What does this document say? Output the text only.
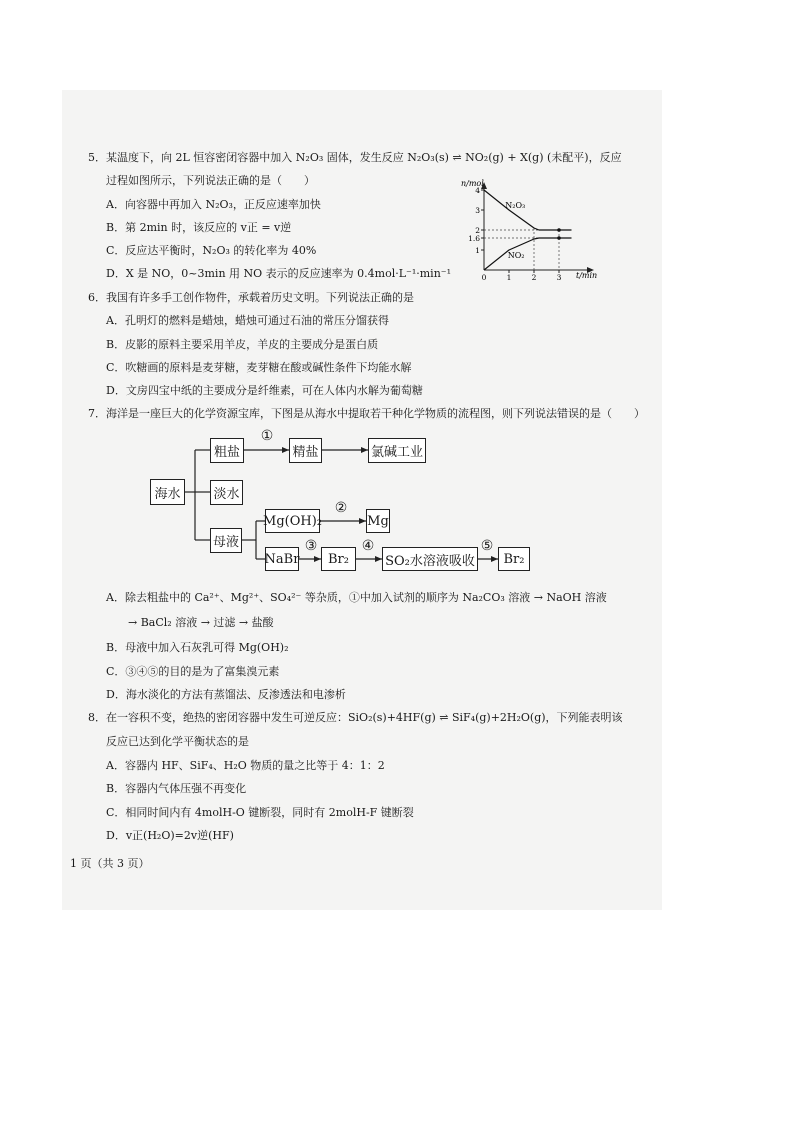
5．某温度下，向 2L 恒容密闭容器中加入 N₂O₃ 固体，发生反应 N₂O₃(s) ⇌ NO₂(g) + X(g) (未配平)，反应
过程如图所示，下列说法正确的是（　　）
A．向容器中再加入 N₂O₃，正反应速率加快
B．第 2min 时，该反应的 v正 = v逆
C．反应达平衡时，N₂O₃ 的转化率为 40%
D．X 是 NO，0~3min 用 NO 表示的反应速率为 0.4mol·L⁻¹·min⁻¹
n/mol
t/min
4
3
2
1.6
1
0	1	2	3
N₂O₃
NO₂
6．我国有许多手工创作物件，承载着历史文明。下列说法正确的是
A．孔明灯的燃料是蜡烛，蜡烛可通过石油的常压分馏获得
B．皮影的原料主要采用羊皮，羊皮的主要成分是蛋白质
C．吹糖画的原料是麦芽糖，麦芽糖在酸或碱性条件下均能水解
D．文房四宝中纸的主要成分是纤维素，可在人体内水解为葡萄糖
7．海洋是一座巨大的化学资源宝库，下图是从海水中提取若干种化学物质的流程图，则下列说法错误的是（　　）
海水
粗盐	精盐	氯碱工业
淡水
母液
Mg(OH)₂	Mg
NaBr	Br₂	SO₂水溶液吸收	Br₂
①
②
③	④	⑤
A．除去粗盐中的 Ca²⁺、Mg²⁺、SO₄²⁻ 等杂质，①中加入试剂的顺序为 Na₂CO₃ 溶液 → NaOH 溶液
→ BaCl₂ 溶液 → 过滤 → 盐酸
B．母液中加入石灰乳可得 Mg(OH)₂
C．③④⑤的目的是为了富集溴元素
D．海水淡化的方法有蒸馏法、反渗透法和电渗析
8．在一容积不变，绝热的密闭容器中发生可逆反应：SiO₂(s)+4HF(g) ⇌ SiF₄(g)+2H₂O(g)，下列能表明该
反应已达到化学平衡状态的是
A．容器内 HF、SiF₄、H₂O 物质的量之比等于 4：1：2
B．容器内气体压强不再变化
C．相同时间内有 4molH-O 键断裂，同时有 2molH-F 键断裂
D．v正(H₂O)=2v逆(HF)
1 页（共 3 页）
